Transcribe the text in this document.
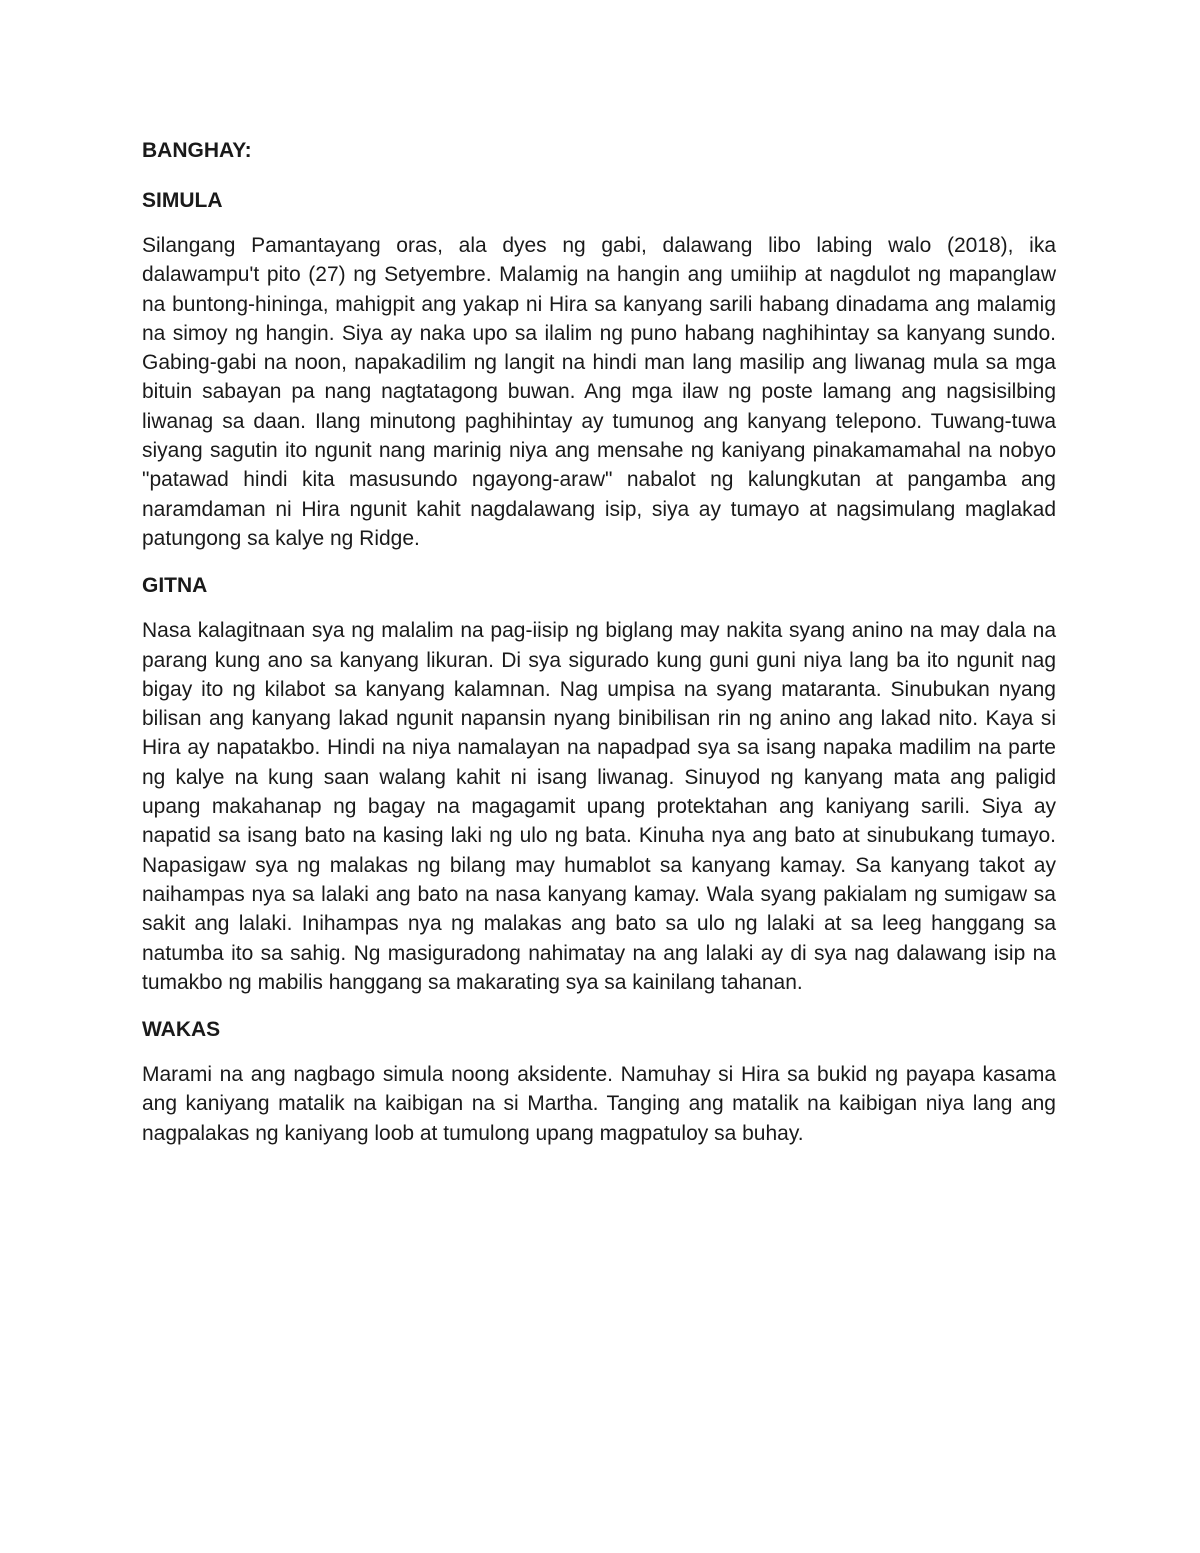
BANGHAY:

SIMULA

Silangang Pamantayang oras, ala dyes ng gabi, dalawang libo labing walo (2018), ika dalawampu't pito (27) ng Setyembre. Malamig na hangin ang umiihip at nagdulot ng mapanglaw na buntong-hininga, mahigpit ang yakap ni Hira sa kanyang sarili habang dinadama ang malamig na simoy ng hangin. Siya ay naka upo sa ilalim ng puno habang naghihintay sa kanyang sundo. Gabing-gabi na noon, napakadilim ng langit na hindi man lang masilip ang liwanag mula sa mga bituin sabayan pa nang nagtatagong buwan. Ang mga ilaw ng poste lamang ang nagsisilbing liwanag sa daan. Ilang minutong paghihintay ay tumunog ang kanyang telepono. Tuwang-tuwa siyang sagutin ito ngunit nang marinig niya ang mensahe ng kaniyang pinakamamahal na nobyo "patawad hindi kita masusundo ngayong-araw" nabalot ng kalungkutan at pangamba ang naramdaman ni Hira ngunit kahit nagdalawang isip, siya ay tumayo at nagsimulang maglakad patungong sa kalye ng Ridge.

GITNA

Nasa kalagitnaan sya ng malalim na pag-iisip ng biglang may nakita syang anino na may dala na parang kung ano sa kanyang likuran. Di sya sigurado kung guni guni niya lang ba ito ngunit nag bigay ito ng kilabot sa kanyang kalamnan. Nag umpisa na syang mataranta. Sinubukan nyang bilisan ang kanyang lakad ngunit napansin nyang binibilisan rin ng anino ang lakad nito. Kaya si Hira ay napatakbo. Hindi na niya namalayan na napadpad sya sa isang napaka madilim na parte ng kalye na kung saan walang kahit ni isang liwanag. Sinuyod ng kanyang mata ang paligid upang makahanap ng bagay na magagamit upang protektahan ang kaniyang sarili. Siya ay napatid sa isang bato na kasing laki ng ulo ng bata. Kinuha nya ang bato at sinubukang tumayo. Napasigaw sya ng malakas ng bilang may humablot sa kanyang kamay. Sa kanyang takot ay naihampas nya sa lalaki ang bato na nasa kanyang kamay. Wala syang pakialam ng sumigaw sa sakit ang lalaki. Inihampas nya ng malakas ang bato sa ulo ng lalaki at sa leeg hanggang sa natumba ito sa sahig. Ng masiguradong nahimatay na ang lalaki ay di sya nag dalawang isip na tumakbo ng mabilis hanggang sa makarating sya sa kainilang tahanan.

WAKAS

Marami na ang nagbago simula noong aksidente. Namuhay si Hira sa bukid ng payapa kasama ang kaniyang matalik na kaibigan na si Martha. Tanging ang matalik na kaibigan niya lang ang nagpalakas ng kaniyang loob at tumulong upang magpatuloy sa buhay.
